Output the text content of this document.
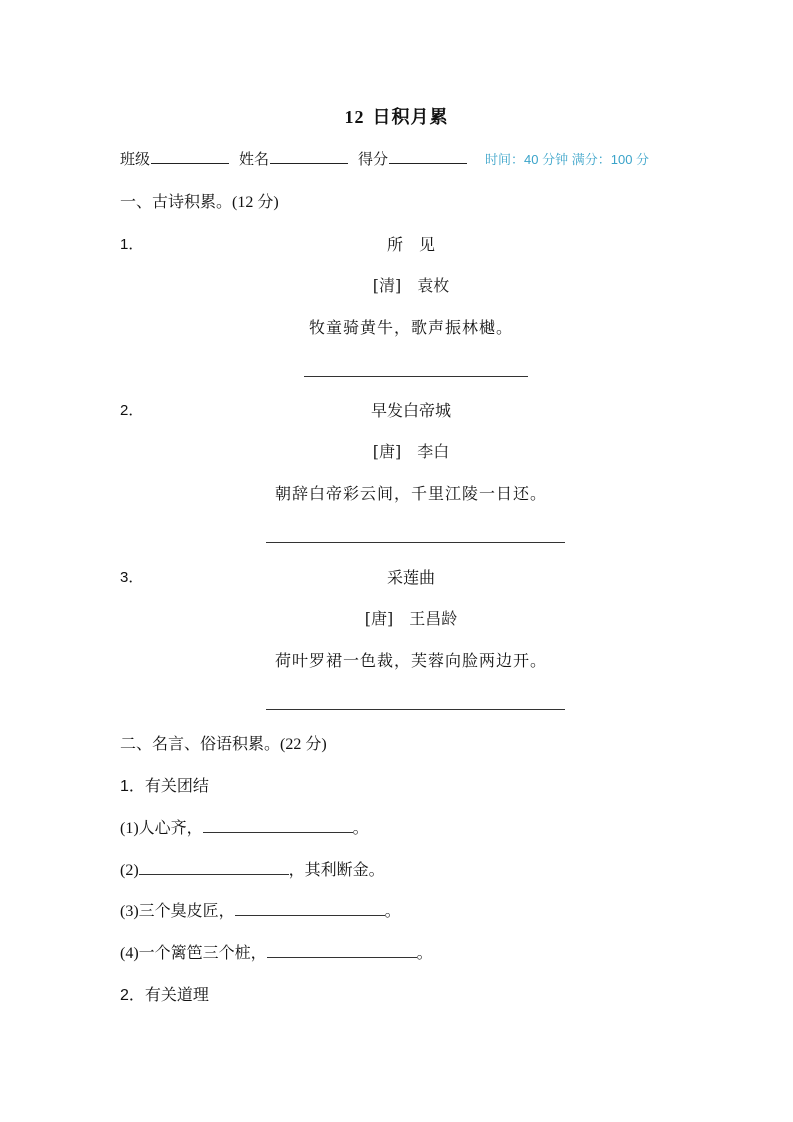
12 日积月累
班级	姓名	得分	时间：40 分钟 满分：100 分
一、古诗积累。(12 分)
1．	所　见
[清]　袁枚
牧童骑黄牛，歌声振林樾。
2．	早发白帝城
[唐]　李白
朝辞白帝彩云间，千里江陵一日还。
3．	采莲曲
[唐]　王昌龄
荷叶罗裙一色裁，芙蓉向脸两边开。
二、名言、俗语积累。(22 分)
1．有关团结
(1) 人心齐，	。
(2)	，其利断金。
(3) 三个臭皮匠，	。
(4) 一个篱笆三个桩，	。
2．有关道理
